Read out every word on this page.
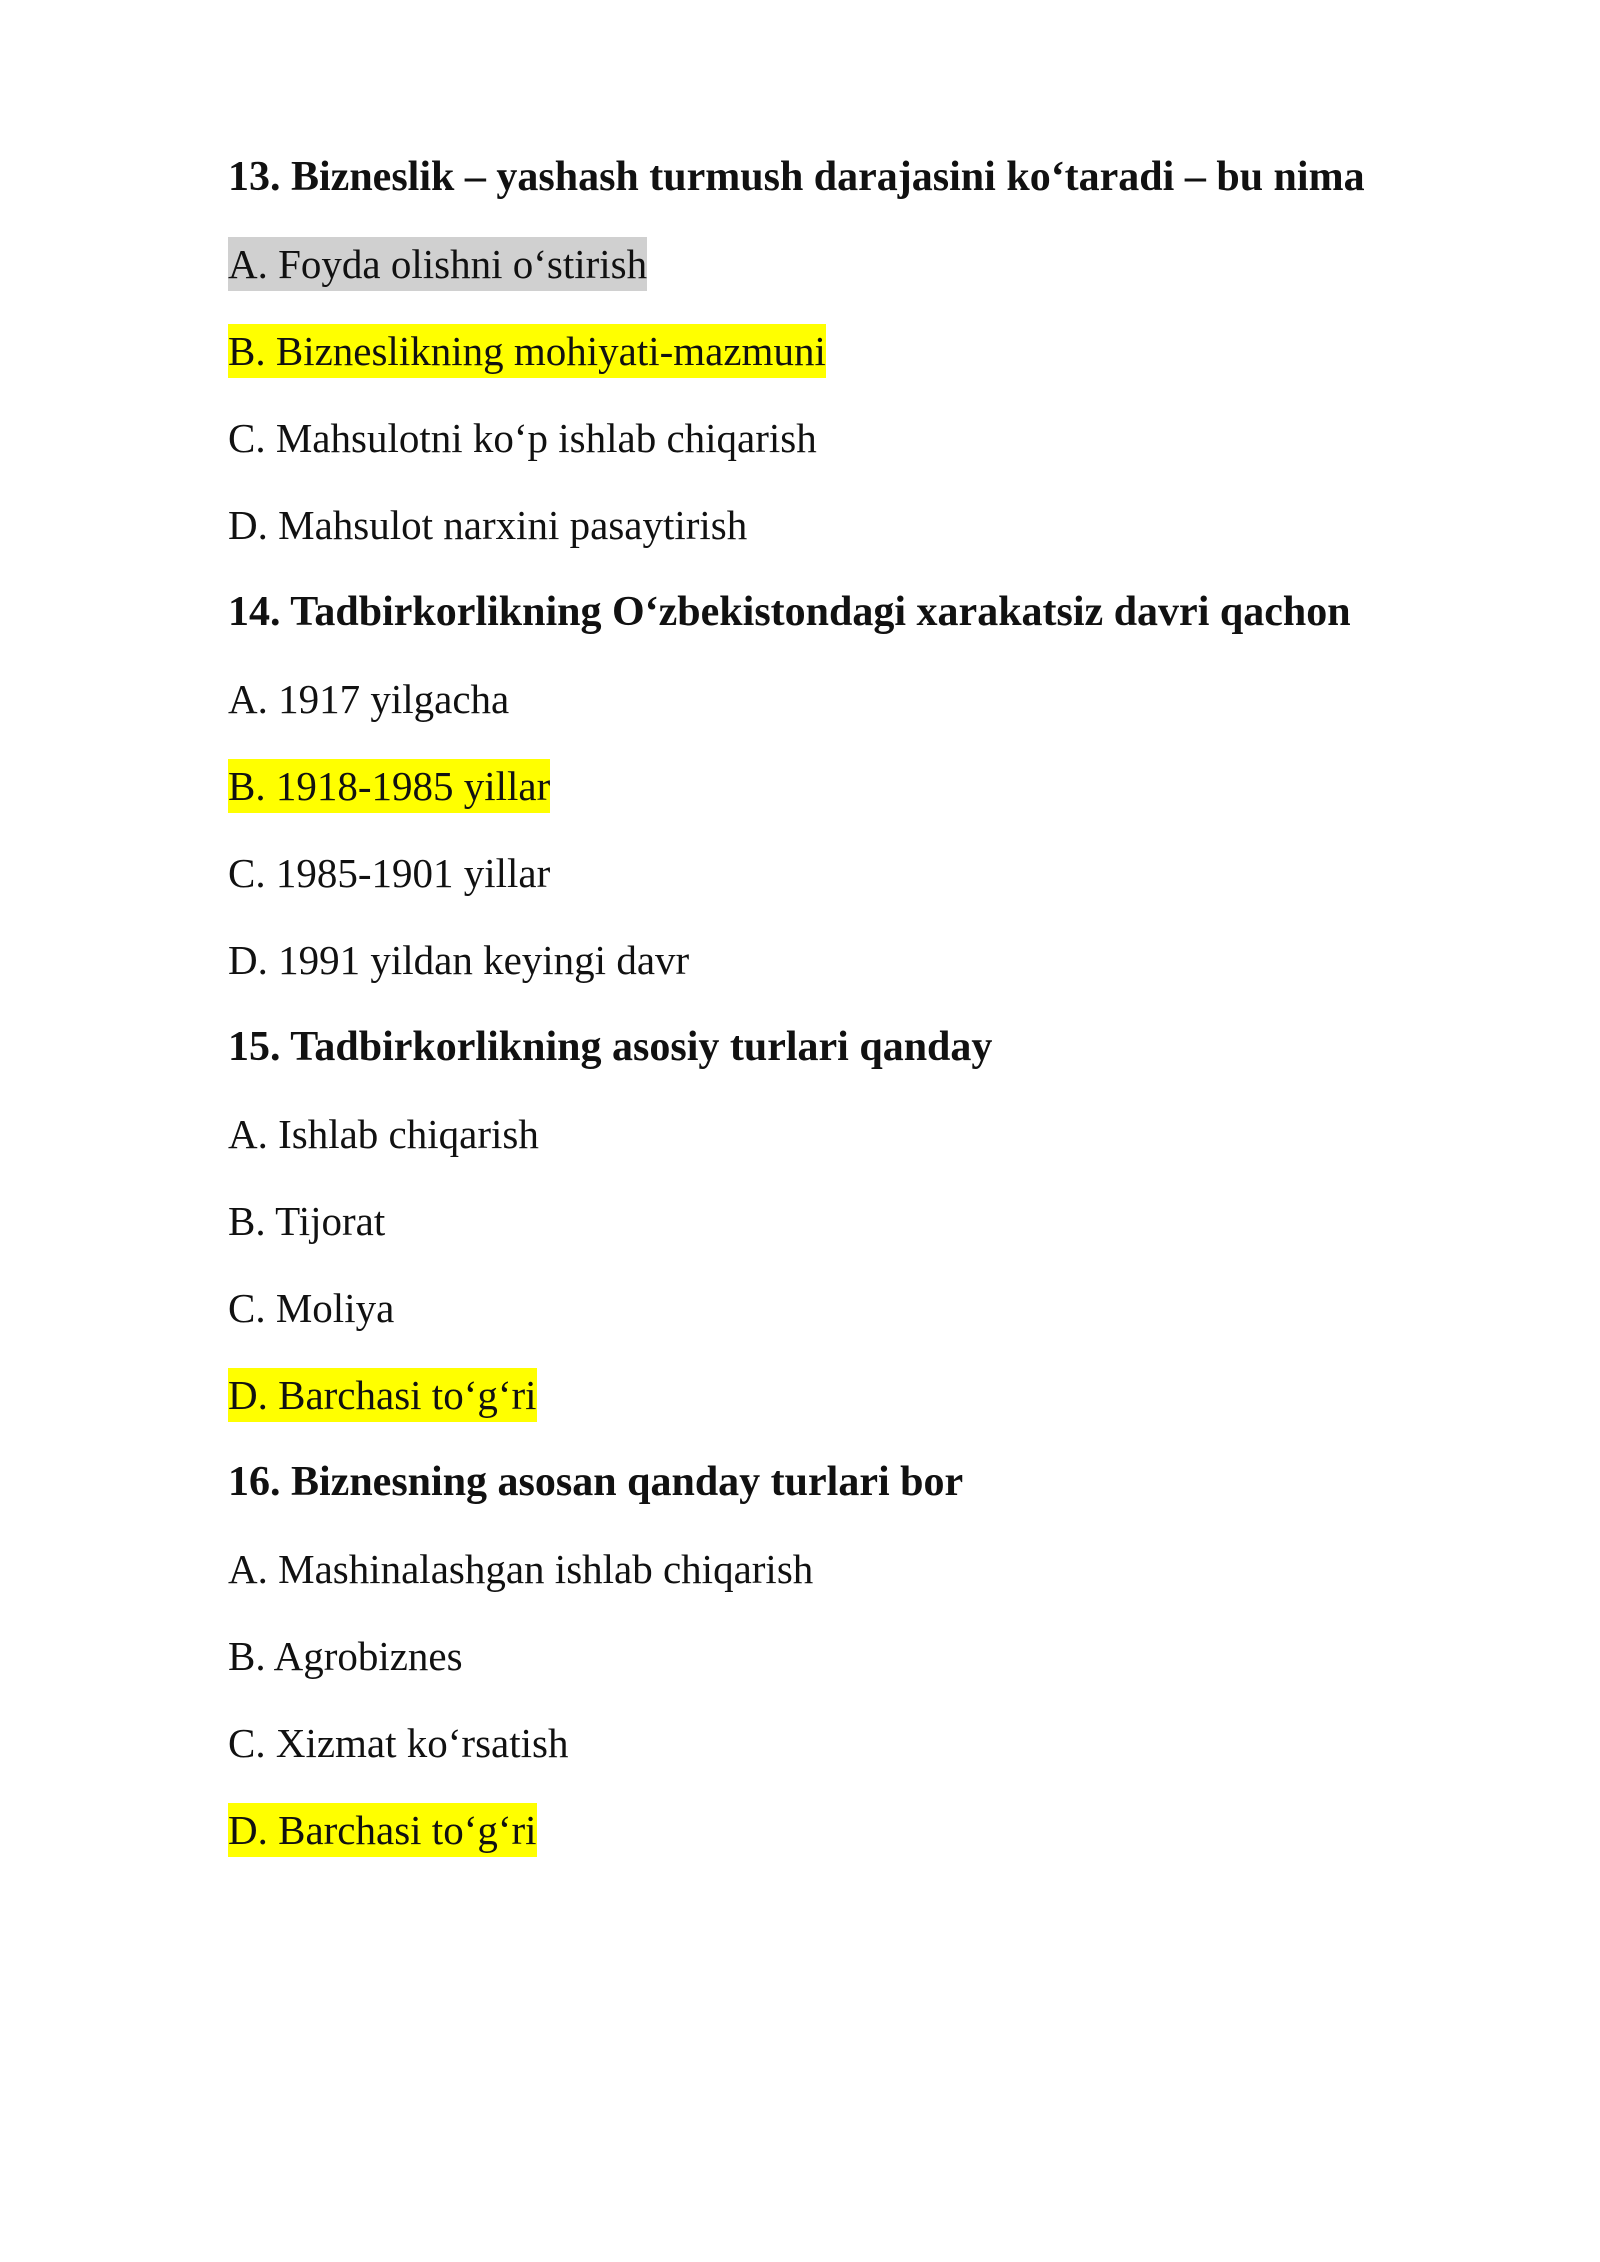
13. Bizneslik – yashash turmush darajasini ko‘taradi – bu nima
A. Foyda olishni o‘stirish
B. Bizneslikning mohiyati-mazmuni
C. Mahsulotni ko‘p ishlab chiqarish
D. Mahsulot narxini pasaytirish
14. Tadbirkorlikning O‘zbekistondagi xarakatsiz davri qachon
A. 1917 yilgacha
B. 1918-1985 yillar
C. 1985-1901 yillar
D. 1991 yildan keyingi davr
15. Tadbirkorlikning asosiy turlari qanday
A. Ishlab chiqarish
B. Tijorat
C. Moliya
D. Barchasi to‘g‘ri
16. Biznesning asosan qanday turlari bor
A. Mashinalashgan ishlab chiqarish
B. Agrobiznes
C. Xizmat ko‘rsatish
D. Barchasi to‘g‘ri
